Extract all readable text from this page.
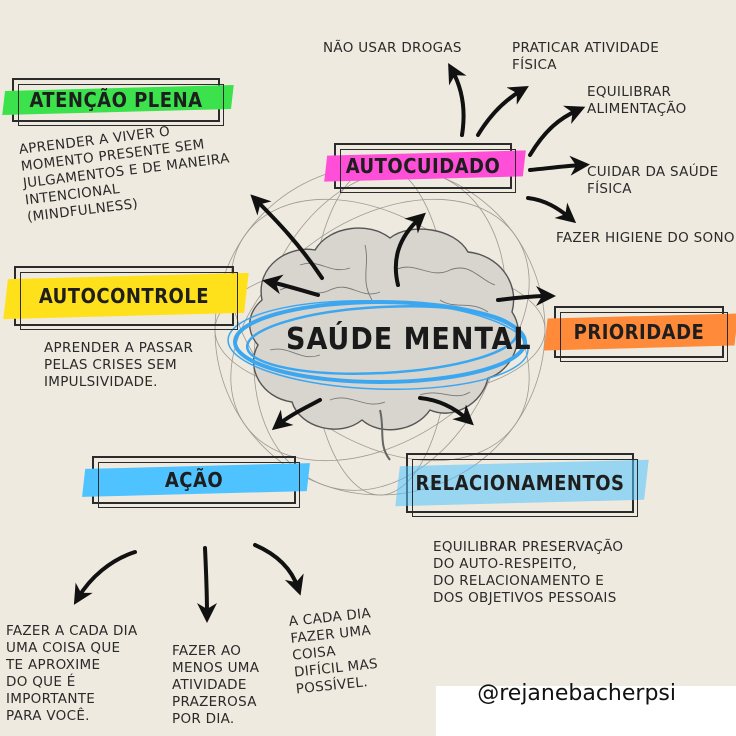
ATENÇÃO PLENA
APRENDER A VIVER O
MOMENTO PRESENTE SEM
JULGAMENTOS E DE MANEIRA
INTENCIONAL
(MINDFULNESS)
AUTOCUIDADO
NÃO USAR DROGAS	PRATICAR ATIVIDADE
FÍSICA
EQUILIBRAR
ALIMENTAÇÃO
CUIDAR DA SAÚDE
FÍSICA
FAZER HIGIENE DO SONO
AUTOCONTROLE
APRENDER A PASSAR
PELAS CRISES SEM
IMPULSIVIDADE.
PRIORIDADE
SAÚDE MENTAL
AÇÃO
FAZER A CADA DIA
UMA COISA QUE
TE APROXIME
DO QUE É
IMPORTANTE
PARA VOCÊ.
FAZER AO
MENOS UMA
ATIVIDADE
PRAZEROSA
POR DIA.
A CADA DIA
FAZER UMA
COISA
DIFÍCIL MAS
POSSÍVEL.
RELACIONAMENTOS
EQUILIBRAR PRESERVAÇÃO
DO AUTO-RESPEITO,
DO RELACIONAMENTO E
DOS OBJETIVOS PESSOAIS
@rejanebacherpsi
